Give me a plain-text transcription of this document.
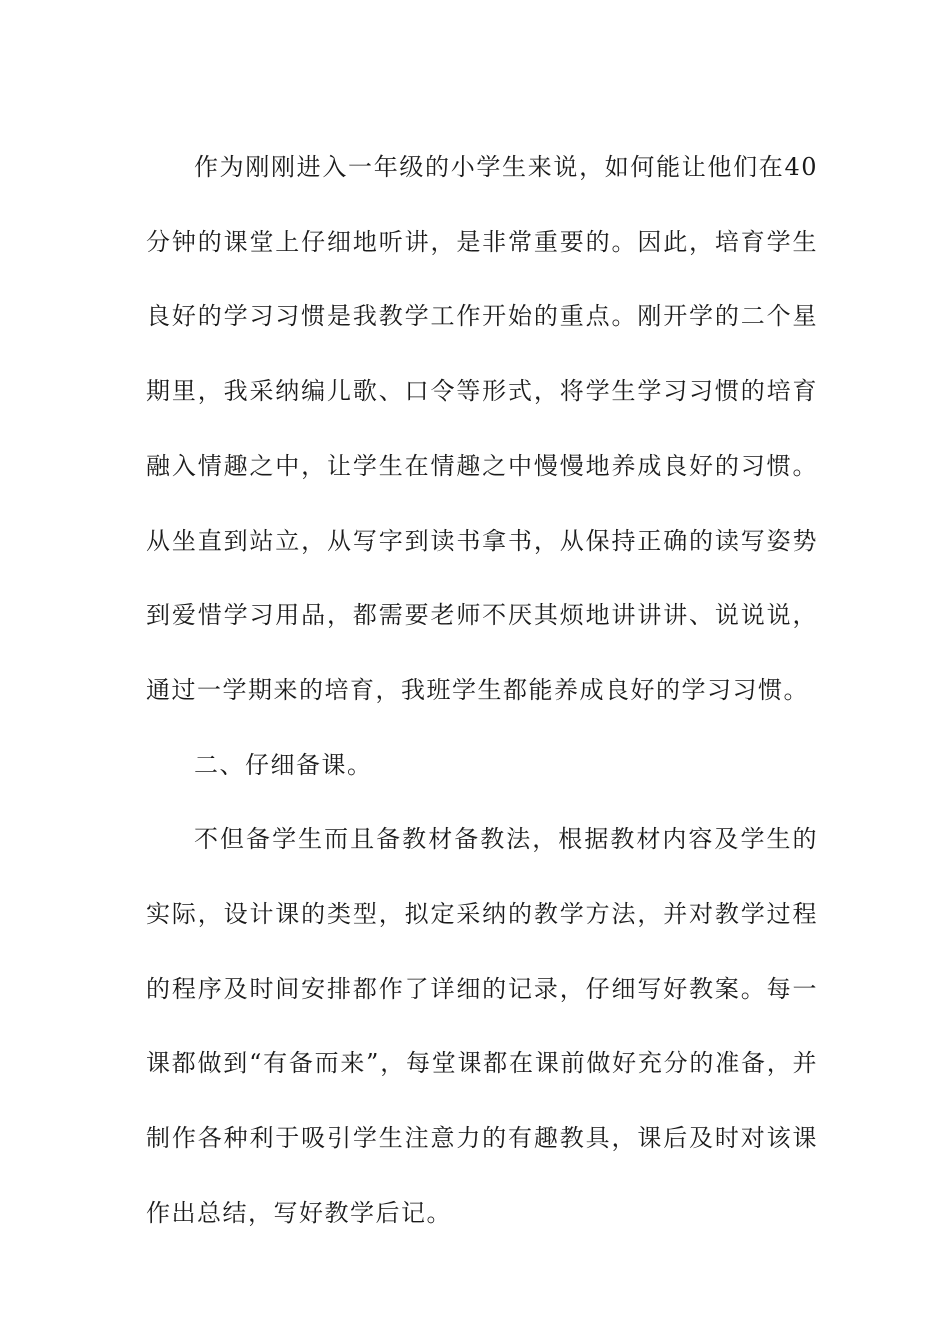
作为刚刚进入一年级的小学生来说，如何能让他们在40分钟的课堂上仔细地听讲，是非常重要的。因此，培育学生良好的学习习惯是我教学工作开始的重点。刚开学的二个星期里，我采纳编儿歌、口令等形式，将学生学习习惯的培育融入情趣之中，让学生在情趣之中慢慢地养成良好的习惯。从坐直到站立，从写字到读书拿书，从保持正确的读写姿势到爱惜学习用品，都需要老师不厌其烦地讲讲讲、说说说，通过一学期来的培育，我班学生都能养成良好的学习习惯。

二、仔细备课。

不但备学生而且备教材备教法，根据教材内容及学生的实际，设计课的类型，拟定采纳的教学方法，并对教学过程的程序及时间安排都作了详细的记录，仔细写好教案。每一课都做到“有备而来”，每堂课都在课前做好充分的准备，并制作各种利于吸引学生注意力的有趣教具，课后及时对该课作出总结，写好教学后记。
